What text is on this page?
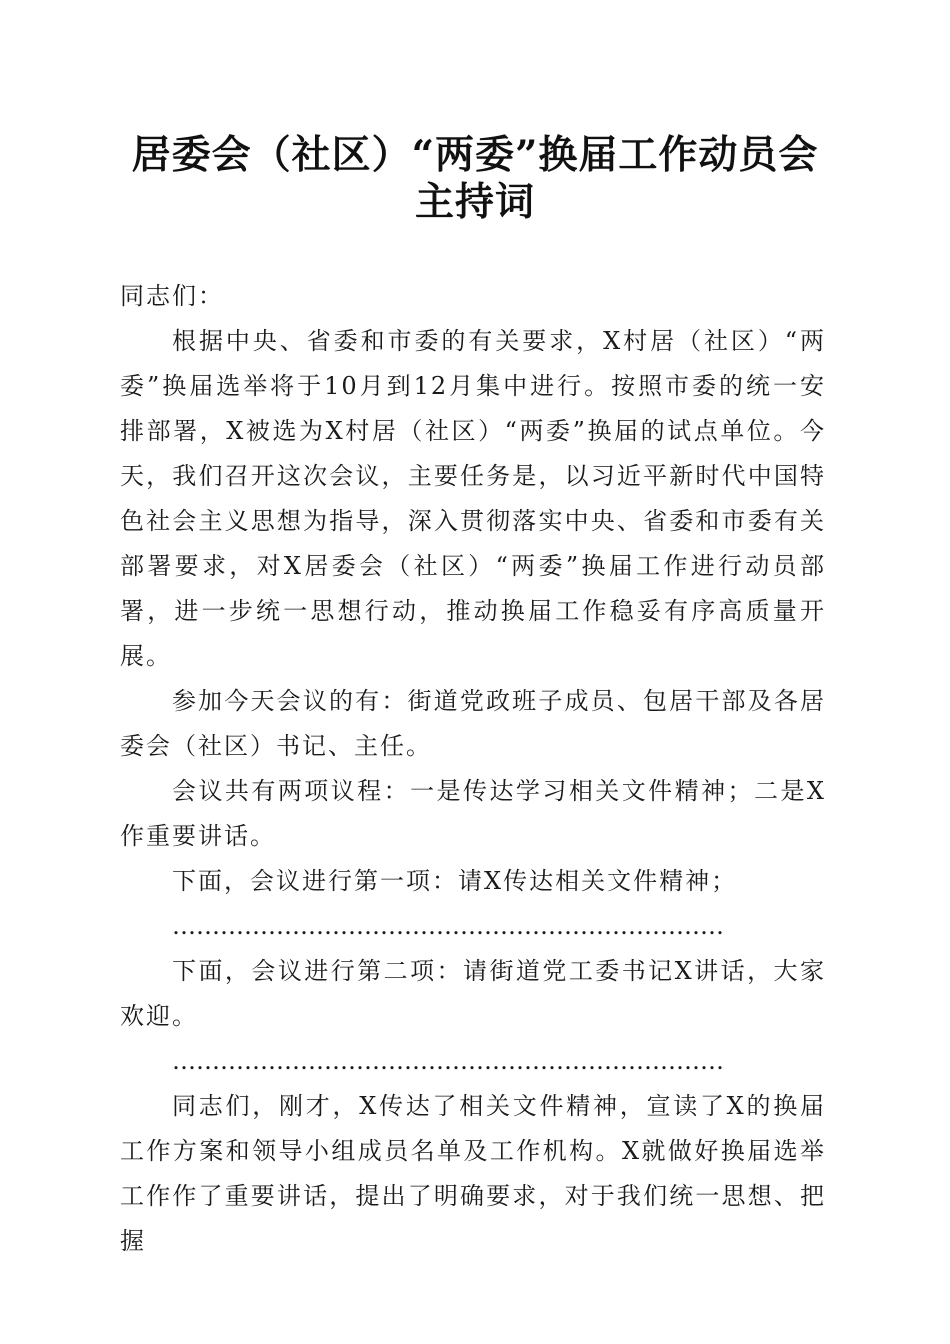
居委会（社区）“两委”换届工作动员会主持词

同志们：

根据中央、省委和市委的有关要求，X村居（社区）“两委”换届选举将于10月到12月集中进行。按照市委的统一安排部署，X被选为X村居（社区）“两委”换届的试点单位。今天，我们召开这次会议，主要任务是，以习近平新时代中国特色社会主义思想为指导，深入贯彻落实中央、省委和市委有关部署要求，对X居委会（社区）“两委”换届工作进行动员部署，进一步统一思想行动，推动换届工作稳妥有序高质量开展。

参加今天会议的有：街道党政班子成员、包居干部及各居委会（社区）书记、主任。

会议共有两项议程：一是传达学习相关文件精神；二是X作重要讲话。

下面，会议进行第一项：请X传达相关文件精神；

……………………………………………………………

下面，会议进行第二项：请街道党工委书记X讲话，大家欢迎。

……………………………………………………………

同志们，刚才，X传达了相关文件精神，宣读了X的换届工作方案和领导小组成员名单及工作机构。X就做好换届选举工作作了重要讲话，提出了明确要求，对于我们统一思想、把握
